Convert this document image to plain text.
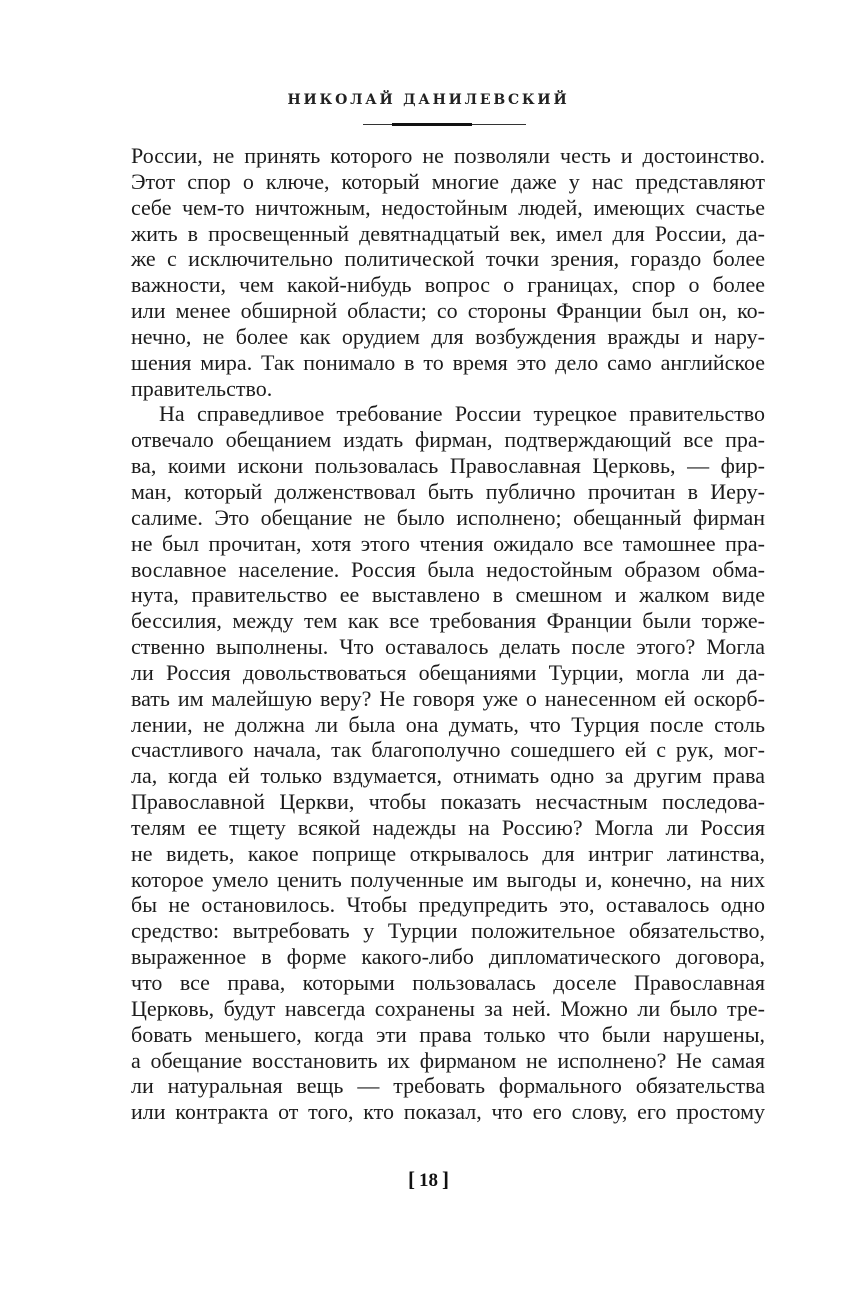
НИКОЛАЙ ДАНИЛЕВСКИЙ
России, не принять которого не позволяли честь и достоинство.
Этот спор о ключе, который многие даже у нас представляют
себе чем-то ничтожным, недостойным людей, имеющих счастье
жить в просвещенный девятнадцатый век, имел для России, да-
же с исключительно политической точки зрения, гораздо более
важности, чем какой-нибудь вопрос о границах, спор о более
или менее обширной области; со стороны Франции был он, ко-
нечно, не более как орудием для возбуждения вражды и нару-
шения мира. Так понимало в то время это дело само английское
правительство.
На справедливое требование России турецкое правительство
отвечало обещанием издать фирман, подтверждающий все пра-
ва, коими искони пользовалась Православная Церковь, — фир-
ман, который долженствовал быть публично прочитан в Иеру-
салиме. Это обещание не было исполнено; обещанный фирман
не был прочитан, хотя этого чтения ожидало все тамошнее пра-
вославное население. Россия была недостойным образом обма-
нута, правительство ее выставлено в смешном и жалком виде
бессилия, между тем как все требования Франции были торже-
ственно выполнены. Что оставалось делать после этого? Могла
ли Россия довольствоваться обещаниями Турции, могла ли да-
вать им малейшую веру? Не говоря уже о нанесенном ей оскорб-
лении, не должна ли была она думать, что Турция после столь
счастливого начала, так благополучно сошедшего ей с рук, мог-
ла, когда ей только вздумается, отнимать одно за другим права
Православной Церкви, чтобы показать несчастным последова-
телям ее тщету всякой надежды на Россию? Могла ли Россия
не видеть, какое поприще открывалось для интриг латинства,
которое умело ценить полученные им выгоды и, конечно, на них
бы не остановилось. Чтобы предупредить это, оставалось одно
средство: вытребовать у Турции положительное обязательство,
выраженное в форме какого-либо дипломатического договора,
что все права, которыми пользовалась доселе Православная
Церковь, будут навсегда сохранены за ней. Можно ли было тре-
бовать меньшего, когда эти права только что были нарушены,
а обещание восстановить их фирманом не исполнено? Не самая
ли натуральная вещь — требовать формального обязательства
или контракта от того, кто показал, что его слову, его простому
[ 18 ]
